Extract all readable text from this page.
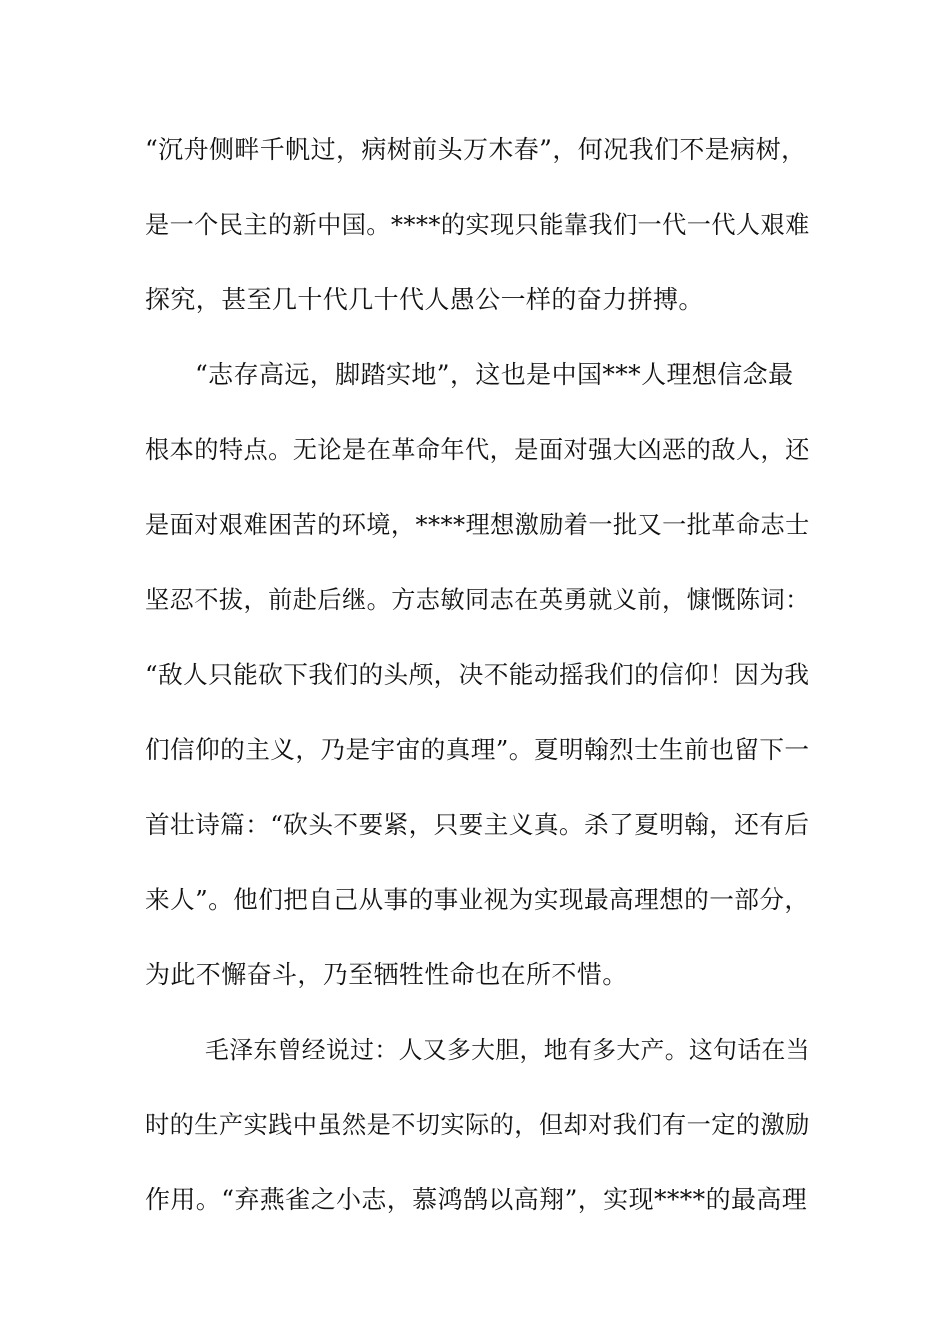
“沉舟侧畔千帆过，病树前头万木春”，何况我们不是病树，
是一个民主的新中国。****的实现只能靠我们一代一代人艰难
探究，甚至几十代几十代人愚公一样的奋力拼搏。
“志存高远，脚踏实地”，这也是中国***人理想信念最
根本的特点。无论是在革命年代，是面对强大凶恶的敌人，还
是面对艰难困苦的环境，****理想激励着一批又一批革命志士
坚忍不拔，前赴后继。方志敏同志在英勇就义前，慷慨陈词：
“敌人只能砍下我们的头颅，决不能动摇我们的信仰！因为我
们信仰的主义，乃是宇宙的真理”。夏明翰烈士生前也留下一
首壮诗篇：“砍头不要紧，只要主义真。杀了夏明翰，还有后
来人”。他们把自己从事的事业视为实现最高理想的一部分，
为此不懈奋斗，乃至牺牲性命也在所不惜。
毛泽东曾经说过：人又多大胆，地有多大产。这句话在当
时的生产实践中虽然是不切实际的，但却对我们有一定的激励
作用。“弃燕雀之小志，慕鸿鹄以高翔”，实现****的最高理
